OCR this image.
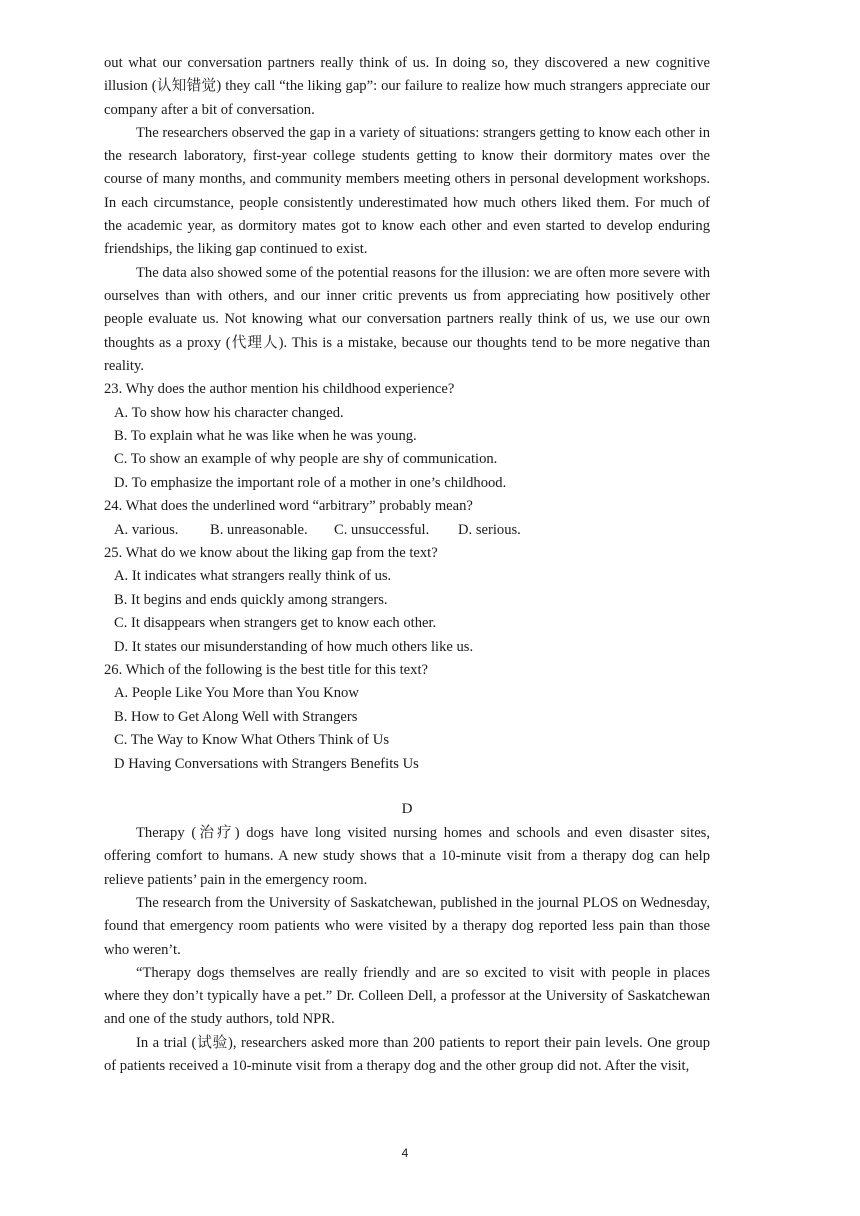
out what our conversation partners really think of us. In doing so, they discovered a new cognitive illusion (认知错觉) they call “the liking gap”: our failure to realize how much strangers appreciate our company after a bit of conversation.

The researchers observed the gap in a variety of situations: strangers getting to know each other in the research laboratory, first-year college students getting to know their dormitory mates over the course of many months, and community members meeting others in personal development workshops. In each circumstance, people consistently underestimated how much others liked them. For much of the academic year, as dormitory mates got to know each other and even started to develop enduring friendships, the liking gap continued to exist.

The data also showed some of the potential reasons for the illusion: we are often more severe with ourselves than with others, and our inner critic prevents us from appreciating how positively other people evaluate us. Not knowing what our conversation partners really think of us, we use our own thoughts as a proxy (代理人). This is a mistake, because our thoughts tend to be more negative than reality.

23. Why does the author mention his childhood experience?

A. To show how his character changed.

B. To explain what he was like when he was young.

C. To show an example of why people are shy of communication.

D. To emphasize the important role of a mother in one’s childhood.

24. What does the underlined word “arbitrary” probably mean?

A. various.	B. unreasonable.	C. unsuccessful.	D. serious.

25. What do we know about the liking gap from the text?

A. It indicates what strangers really think of us.

B. It begins and ends quickly among strangers.

C. It disappears when strangers get to know each other.

D. It states our misunderstanding of how much others like us.

26. Which of the following is the best title for this text?

A. People Like You More than You Know

B. How to Get Along Well with Strangers

C. The Way to Know What Others Think of Us

D Having Conversations with Strangers Benefits Us

D

Therapy (治疗) dogs have long visited nursing homes and schools and even disaster sites, offering comfort to humans. A new study shows that a 10-minute visit from a therapy dog can help relieve patients’ pain in the emergency room.

The research from the University of Saskatchewan, published in the journal PLOS on Wednesday, found that emergency room patients who were visited by a therapy dog reported less pain than those who weren’t.

“Therapy dogs themselves are really friendly and are so excited to visit with people in places where they don’t typically have a pet.” Dr. Colleen Dell, a professor at the University of Saskatchewan and one of the study authors, told NPR.

In a trial (试验), researchers asked more than 200 patients to report their pain levels. One group of patients received a 10-minute visit from a therapy dog and the other group did not. After the visit,

4
